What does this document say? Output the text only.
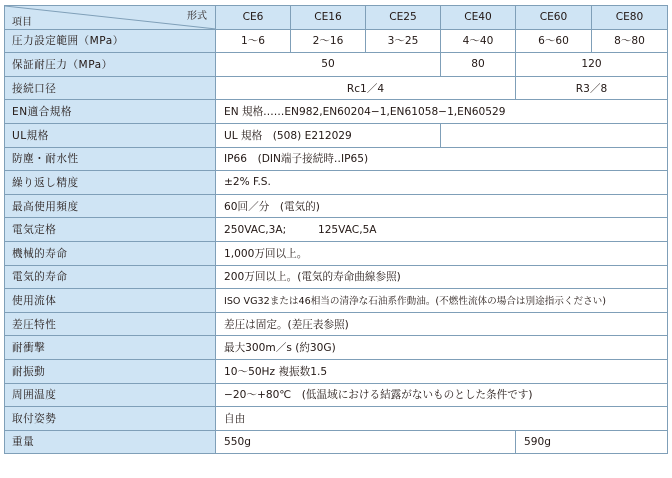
形式
項目	CE6	CE16	CE25	CE40	CE60	CE80
圧力設定範囲（MPa）	1〜6	2〜16	3〜25	4〜40	6〜60	8〜80
保証耐圧力（MPa）	50			80	120	
接続口径	Rc1／4				R3／8	
EN適合規格	EN 規格……EN982,EN60204−1,EN61058−1,EN60529					
UL規格	UL 規格　(508) E212029					
防塵・耐水性	IP66　(DIN端子接続時‥IP65)					
繰り返し精度	±2% F.S.					
最高使用頻度	60回／分　(電気的)					
電気定格	250VAC,3A;　　　125VAC,5A					
機械的寿命	1,000万回以上。					
電気的寿命	200万回以上。(電気的寿命曲線参照)					
使用流体	ISO VG32または46相当の清浄な石油系作動油。(不燃性流体の場合は別途指示ください)					
差圧特性	差圧は固定。(差圧表参照)					
耐衝撃	最大300m／s (約30G)					
耐振動	10〜50Hz 複振数1.5					
周囲温度	−20〜+80℃　(低温域における結露がないものとした条件です)					
取付姿勢	自由					
重量	550g				590g	
